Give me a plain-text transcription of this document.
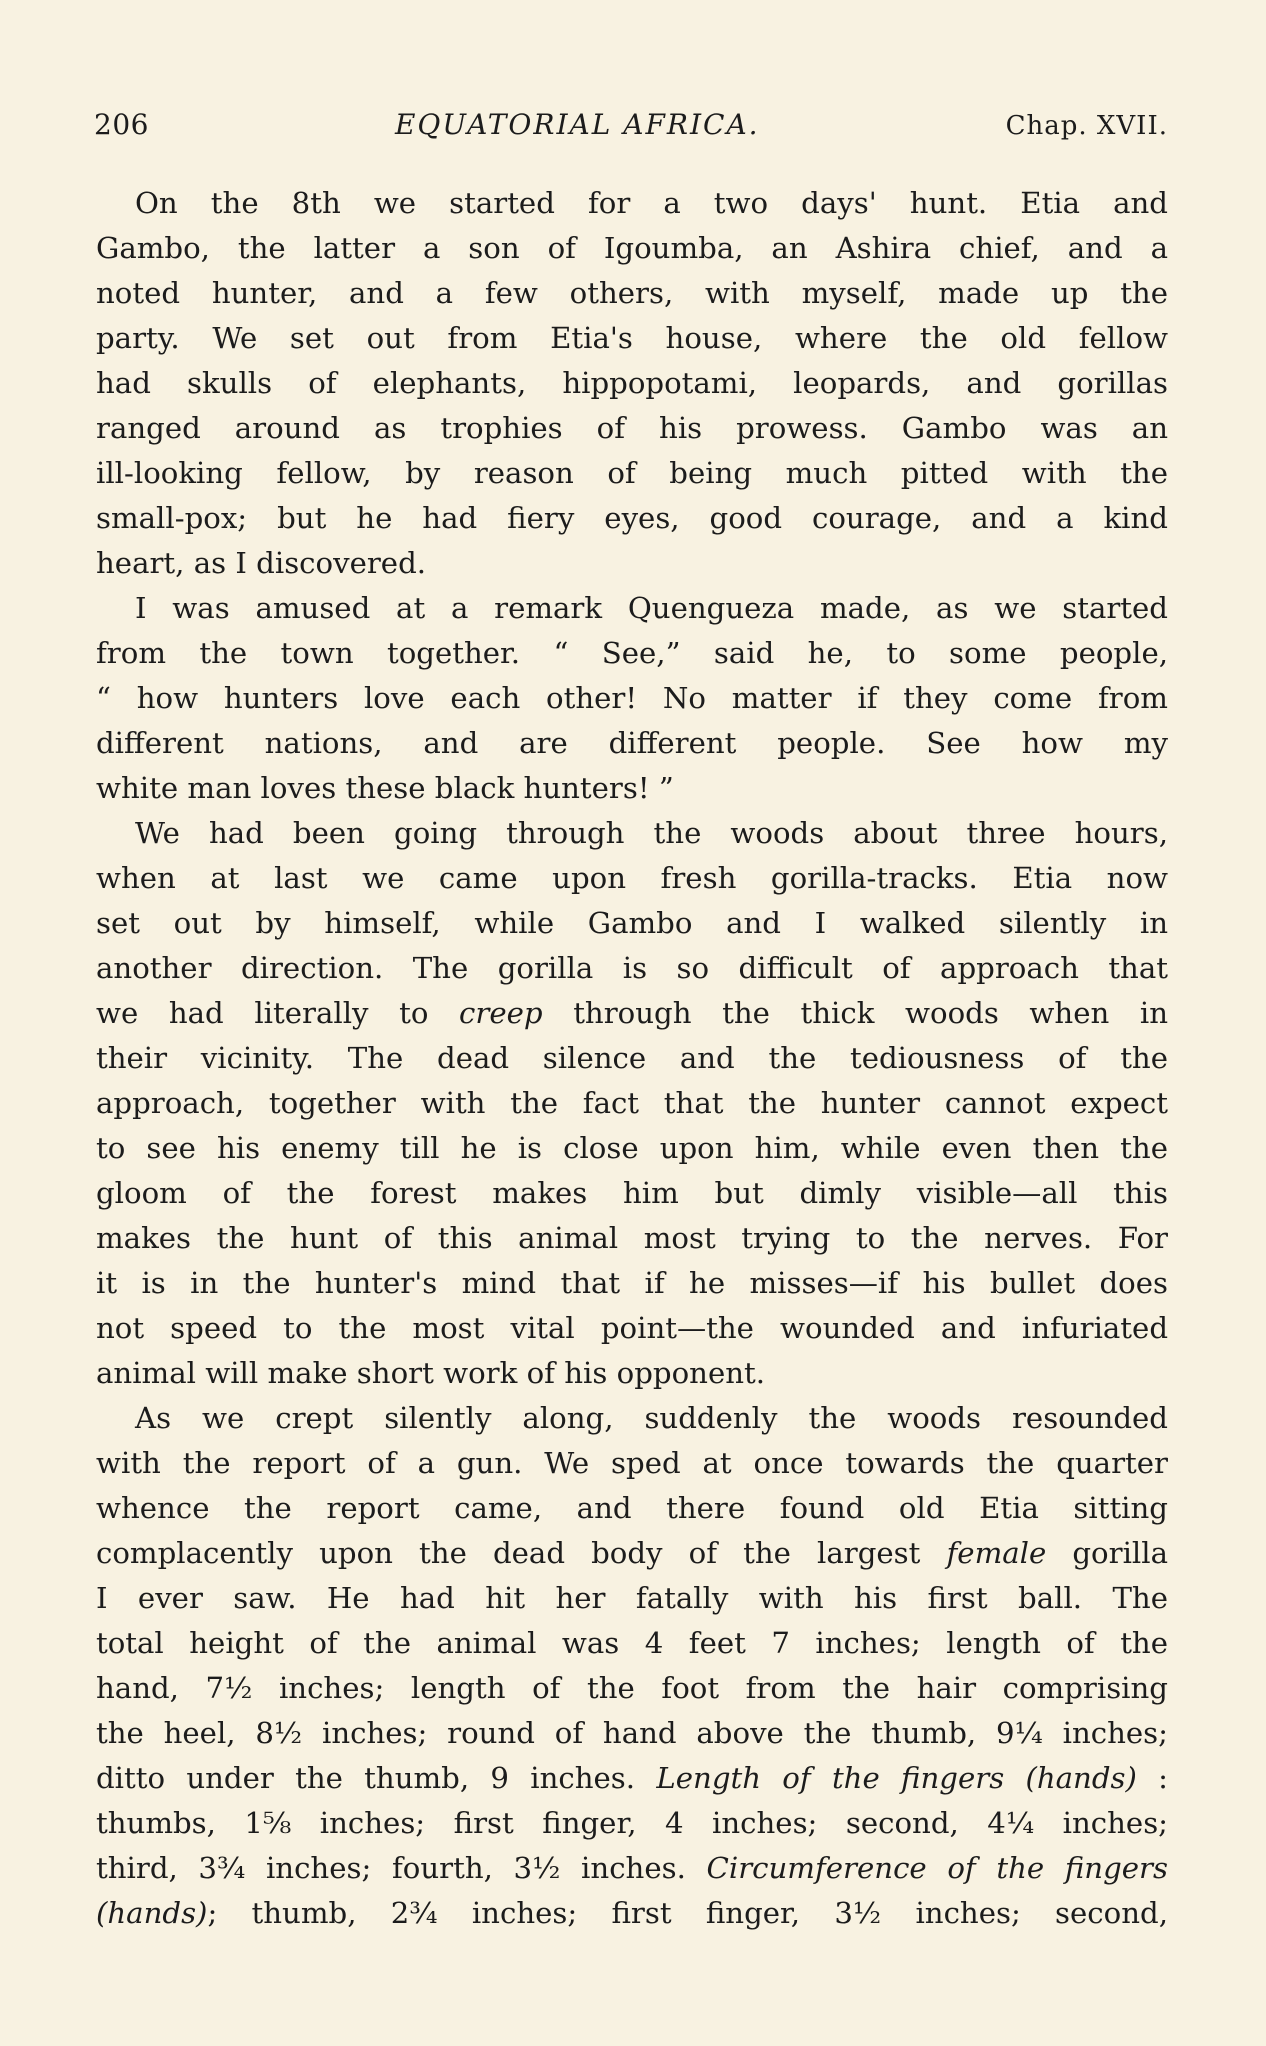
206	EQUATORIAL AFRICA.	Chap. XVII.
On the 8th we started for a two days' hunt. Etia and
Gambo, the latter a son of Igoumba, an Ashira chief, and a
noted hunter, and a few others, with myself, made up the
party. We set out from Etia's house, where the old fellow
had skulls of elephants, hippopotami, leopards, and gorillas
ranged around as trophies of his prowess. Gambo was an
ill-looking fellow, by reason of being much pitted with the
small-pox; but he had fiery eyes, good courage, and a kind
heart, as I discovered.
I was amused at a remark Quengueza made, as we started
from the town together. “ See,” said he, to some people,
“ how hunters love each other! No matter if they come from
different nations, and are different people. See how my
white man loves these black hunters! ”
We had been going through the woods about three hours,
when at last we came upon fresh gorilla-tracks. Etia now
set out by himself, while Gambo and I walked silently in
another direction. The gorilla is so difficult of approach that
we had literally to creep through the thick woods when in
their vicinity. The dead silence and the tediousness of the
approach, together with the fact that the hunter cannot expect
to see his enemy till he is close upon him, while even then the
gloom of the forest makes him but dimly visible—all this
makes the hunt of this animal most trying to the nerves. For
it is in the hunter's mind that if he misses—if his bullet does
not speed to the most vital point—the wounded and infuriated
animal will make short work of his opponent.
As we crept silently along, suddenly the woods resounded
with the report of a gun. We sped at once towards the quarter
whence the report came, and there found old Etia sitting
complacently upon the dead body of the largest female gorilla
I ever saw. He had hit her fatally with his first ball. The
total height of the animal was 4 feet 7 inches; length of the
hand, 7½ inches; length of the foot from the hair comprising
the heel, 8½ inches; round of hand above the thumb, 9¼ inches;
ditto under the thumb, 9 inches. Length of the fingers (hands) :
thumbs, 1⅝ inches; first finger, 4 inches; second, 4¼ inches;
third, 3¾ inches; fourth, 3½ inches. Circumference of the fingers
(hands); thumb, 2¾ inches; first finger, 3½ inches; second,
